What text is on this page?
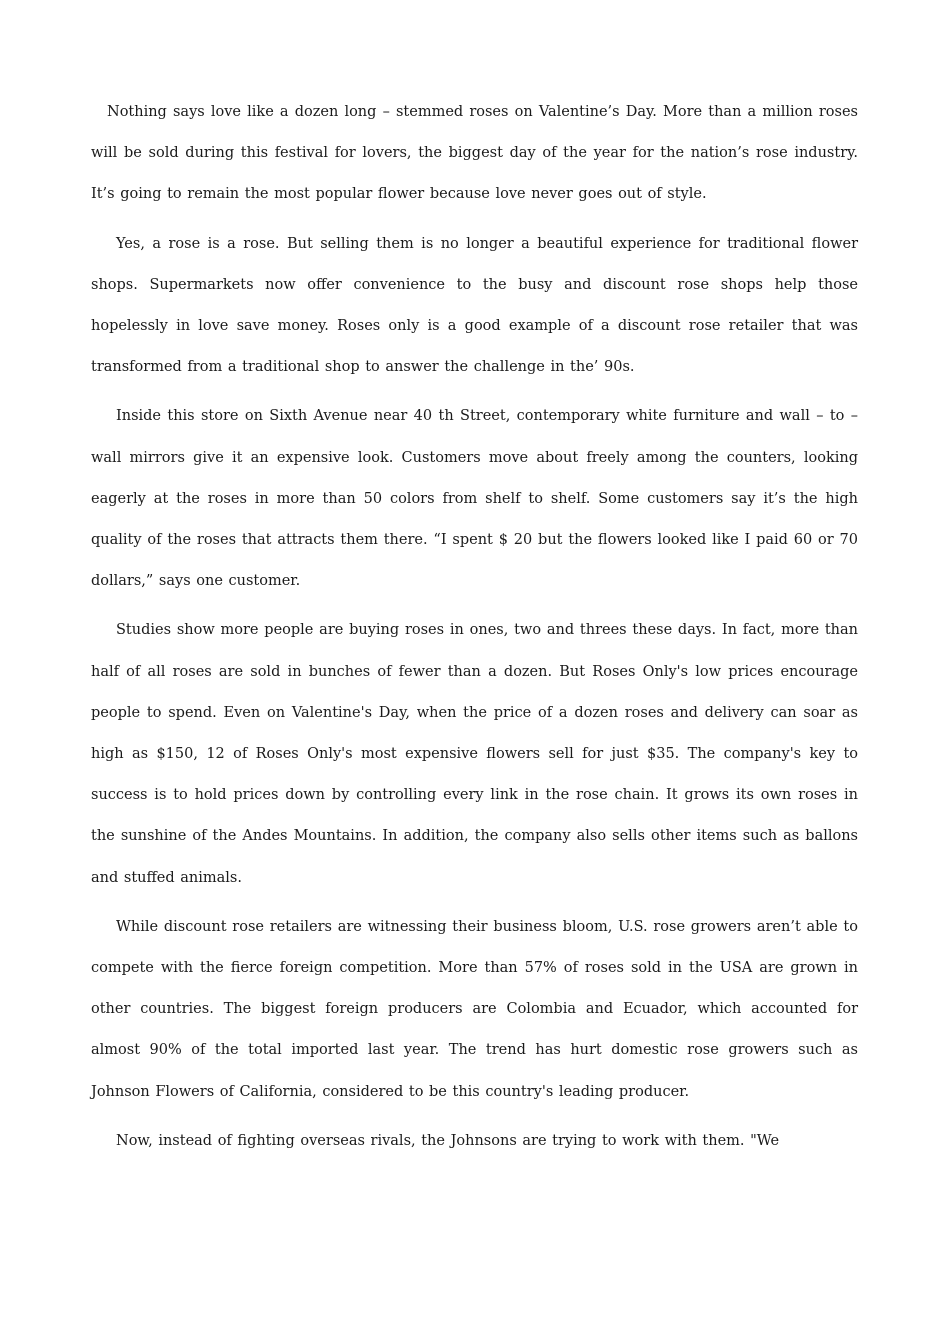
Nothing says love like a dozen long – stemmed roses on Valentine’s Day. More than a million roses will be sold during this festival for lovers, the biggest day of the year for the nation’s rose industry. It’s going to remain the most popular flower because love never goes out of style.

Yes, a rose is a rose. But selling them is no longer a beautiful experience for traditional flower shops. Supermarkets now offer convenience to the busy and discount rose shops help those hopelessly in love save money. Roses only is a good example of a discount rose retailer that was transformed from a traditional shop to answer the challenge in the’ 90s.

Inside this store on Sixth Avenue near 40 th Street, contemporary white furniture and wall – to – wall mirrors give it an expensive look. Customers move about freely among the counters, looking eagerly at the roses in more than 50 colors from shelf to shelf. Some customers say it’s the high quality of the roses that attracts them there. “I spent $ 20 but the flowers looked like I paid 60 or 70 dollars,” says one customer.

Studies show more people are buying roses in ones, two and threes these days. In fact, more than half of all roses are sold in bunches of fewer than a dozen. But Roses Only's low prices encourage people to spend. Even on Valentine's Day, when the price of a dozen roses and delivery can soar as high as $150, 12 of Roses Only's most expensive flowers sell for just $35. The company's key to success is to hold prices down by controlling every link in the rose chain. It grows its own roses in the sunshine of the Andes Mountains. In addition, the company also sells other items such as ballons and stuffed animals.

While discount rose retailers are witnessing their business bloom, U.S. rose growers aren’t able to compete with the fierce foreign competition. More than 57% of roses sold in the USA are grown in other countries. The biggest foreign producers are Colombia and Ecuador, which accounted for almost 90% of the total imported last year. The trend has hurt domestic rose growers such as Johnson Flowers of California, considered to be this country's leading producer.

Now, instead of fighting overseas rivals, the Johnsons are trying to work with them. "We
